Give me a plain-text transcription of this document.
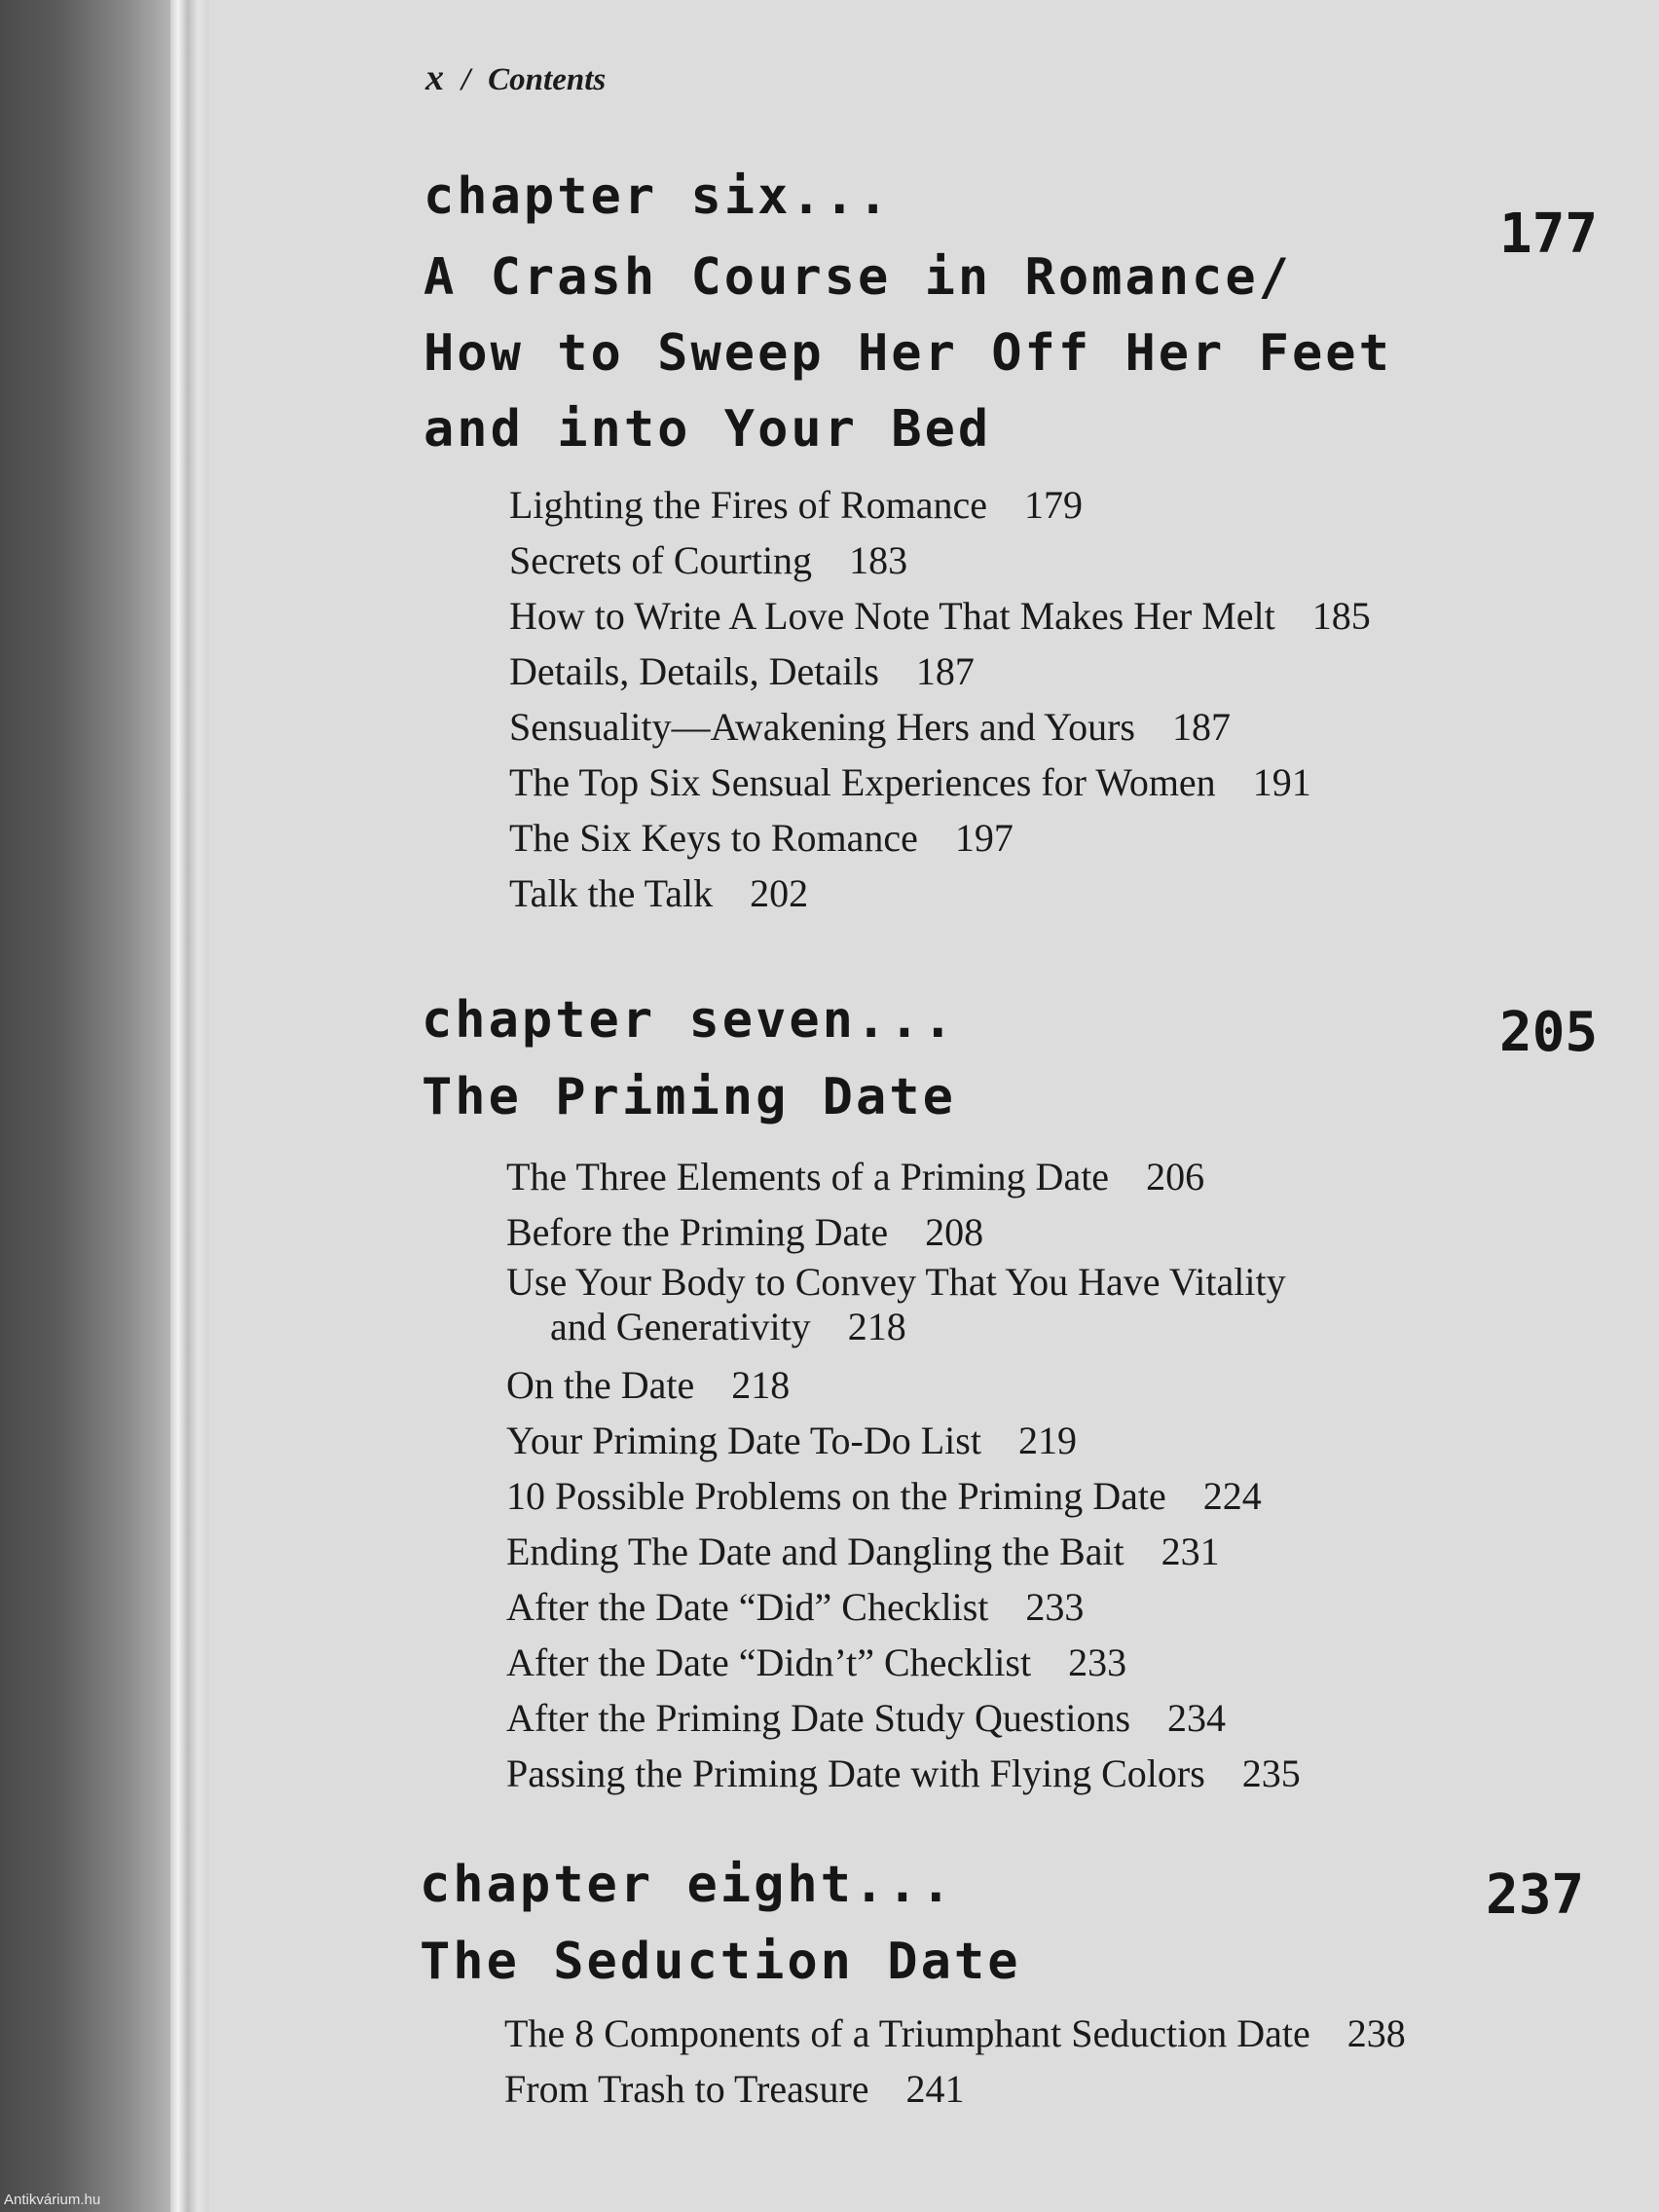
x / Contents
chapter six...
177
A Crash Course in Romance/
How to Sweep Her Off Her Feet
and into Your Bed
Lighting the Fires of Romance 179
Secrets of Courting 183
How to Write A Love Note That Makes Her Melt 185
Details, Details, Details 187
Sensuality—Awakening Hers and Yours 187
The Top Six Sensual Experiences for Women 191
The Six Keys to Romance 197
Talk the Talk 202
chapter seven...	205
The Priming Date
The Three Elements of a Priming Date 206
Before the Priming Date 208
Use Your Body to Convey That You Have Vitality
and Generativity 218
On the Date 218
Your Priming Date To-Do List 219
10 Possible Problems on the Priming Date 224
Ending The Date and Dangling the Bait 231
After the Date “Did” Checklist 233
After the Date “Didn’t” Checklist 233
After the Priming Date Study Questions 234
Passing the Priming Date with Flying Colors 235
chapter eight...	237
The Seduction Date
The 8 Components of a Triumphant Seduction Date 238
From Trash to Treasure 241
Antikvárium.hu
